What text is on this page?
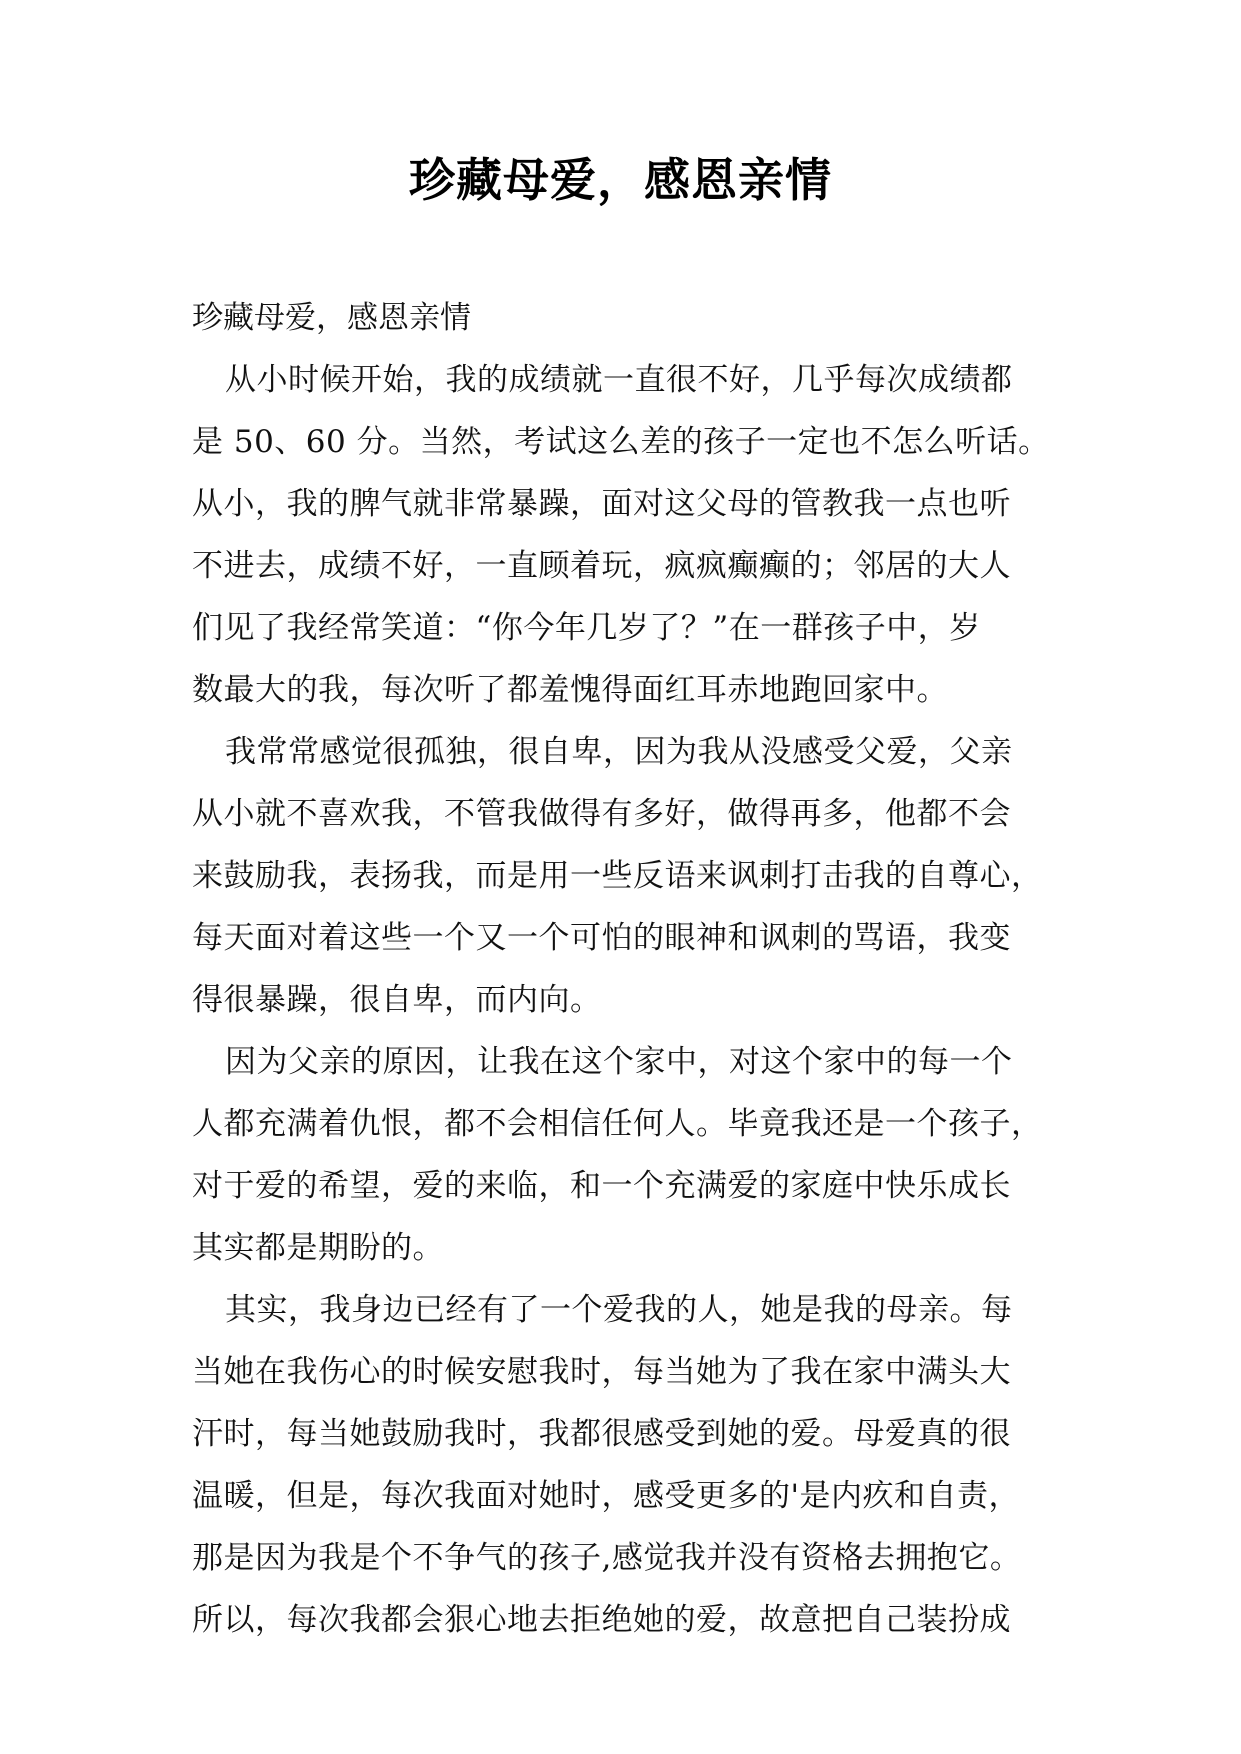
珍藏母爱，感恩亲情
珍藏母爱，感恩亲情
从小时候开始，我的成绩就一直很不好，几乎每次成绩都
是 50、60 分。当然，考试这么差的孩子一定也不怎么听话。
从小，我的脾气就非常暴躁，面对这父母的管教我一点也听
不进去，成绩不好，一直顾着玩，疯疯癫癫的；邻居的大人
们见了我经常笑道：“你今年几岁了？”在一群孩子中，岁
数最大的我，每次听了都羞愧得面红耳赤地跑回家中。
我常常感觉很孤独，很自卑，因为我从没感受父爱，父亲
从小就不喜欢我，不管我做得有多好，做得再多，他都不会
来鼓励我，表扬我，而是用一些反语来讽刺打击我的自尊心，
每天面对着这些一个又一个可怕的眼神和讽刺的骂语，我变
得很暴躁，很自卑，而内向。
因为父亲的原因，让我在这个家中，对这个家中的每一个
人都充满着仇恨，都不会相信任何人。毕竟我还是一个孩子，
对于爱的希望，爱的来临，和一个充满爱的家庭中快乐成长
其实都是期盼的。
其实，我身边已经有了一个爱我的人，她是我的母亲。每
当她在我伤心的时候安慰我时，每当她为了我在家中满头大
汗时，每当她鼓励我时，我都很感受到她的爱。母爱真的很
温暖，但是，每次我面对她时，感受更多的'是内疚和自责，
那是因为我是个不争气的孩子,感觉我并没有资格去拥抱它。
所以，每次我都会狠心地去拒绝她的爱，故意把自己装扮成
